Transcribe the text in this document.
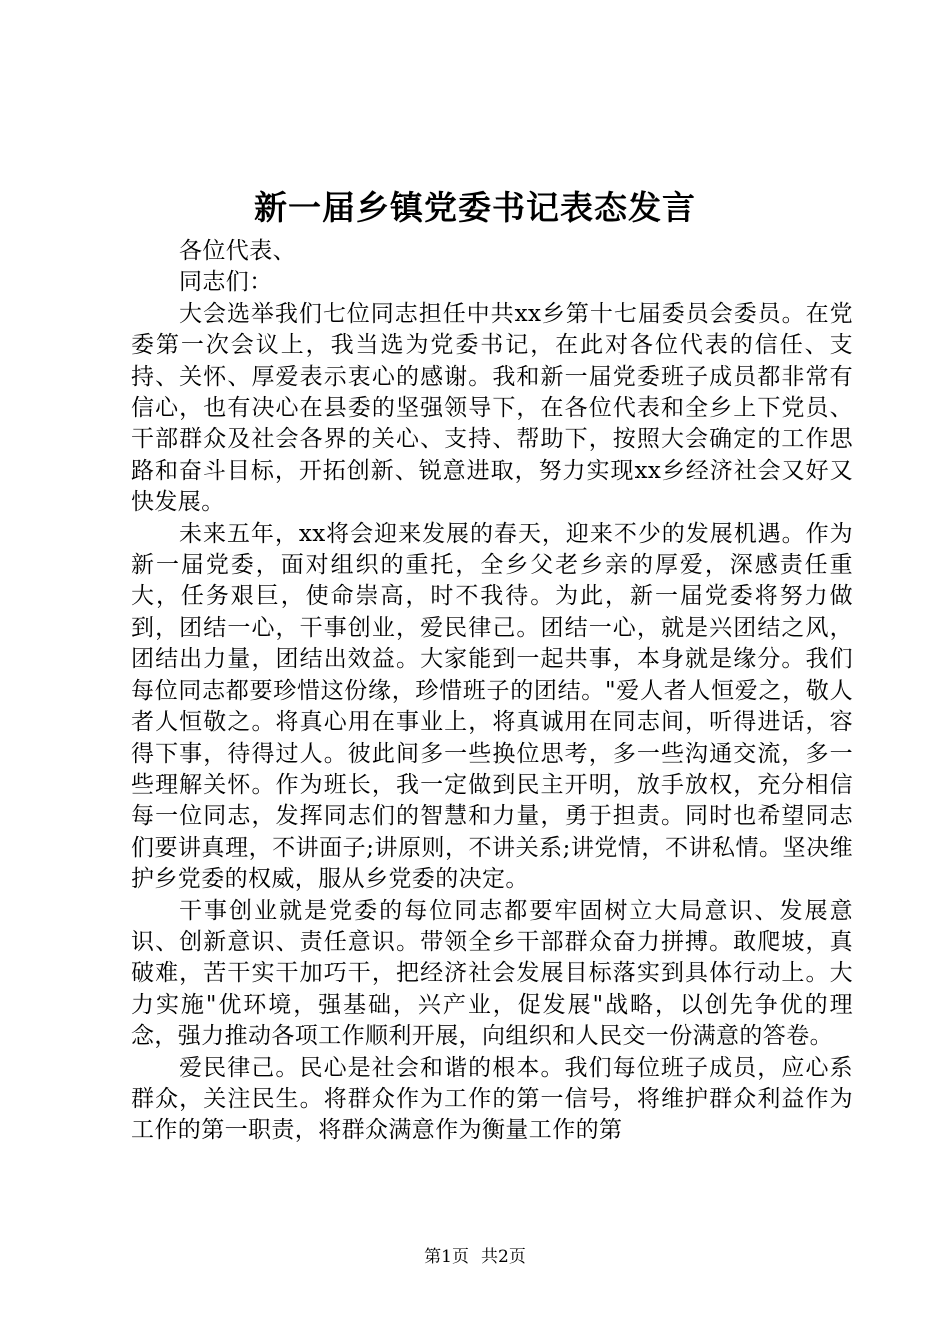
新一届乡镇党委书记表态发言

各位代表、

同志们：

大会选举我们七位同志担任中共xx乡第十七届委员会委员。在党委第一次会议上，我当选为党委书记，在此对各位代表的信任、支持、关怀、厚爱表示衷心的感谢。我和新一届党委班子成员都非常有信心，也有决心在县委的坚强领导下，在各位代表和全乡上下党员、干部群众及社会各界的关心、支持、帮助下，按照大会确定的工作思路和奋斗目标，开拓创新、锐意进取，努力实现xx乡经济社会又好又快发展。

未来五年，xx将会迎来发展的春天，迎来不少的发展机遇。作为新一届党委，面对组织的重托，全乡父老乡亲的厚爱，深感责任重大，任务艰巨，使命崇高，时不我待。为此，新一届党委将努力做到，团结一心，干事创业，爱民律己。团结一心，就是兴团结之风，团结出力量，团结出效益。大家能到一起共事，本身就是缘分。我们每位同志都要珍惜这份缘，珍惜班子的团结。"爱人者人恒爱之，敬人者人恒敬之。将真心用在事业上，将真诚用在同志间，听得进话，容得下事，待得过人。彼此间多一些换位思考，多一些沟通交流，多一些理解关怀。作为班长，我一定做到民主开明，放手放权，充分相信每一位同志，发挥同志们的智慧和力量，勇于担责。同时也希望同志们要讲真理，不讲面子;讲原则，不讲关系;讲党情，不讲私情。坚决维护乡党委的权威，服从乡党委的决定。

干事创业就是党委的每位同志都要牢固树立大局意识、发展意识、创新意识、责任意识。带领全乡干部群众奋力拼搏。敢爬坡，真破难，苦干实干加巧干，把经济社会发展目标落实到具体行动上。大力实施"优环境，强基础，兴产业，促发展"战略，以创先争优的理念，强力推动各项工作顺利开展，向组织和人民交一份满意的答卷。

爱民律己。民心是社会和谐的根本。我们每位班子成员，应心系群众，关注民生。将群众作为工作的第一信号，将维护群众利益作为工作的第一职责，将群众满意作为衡量工作的第

第1页 共2页
